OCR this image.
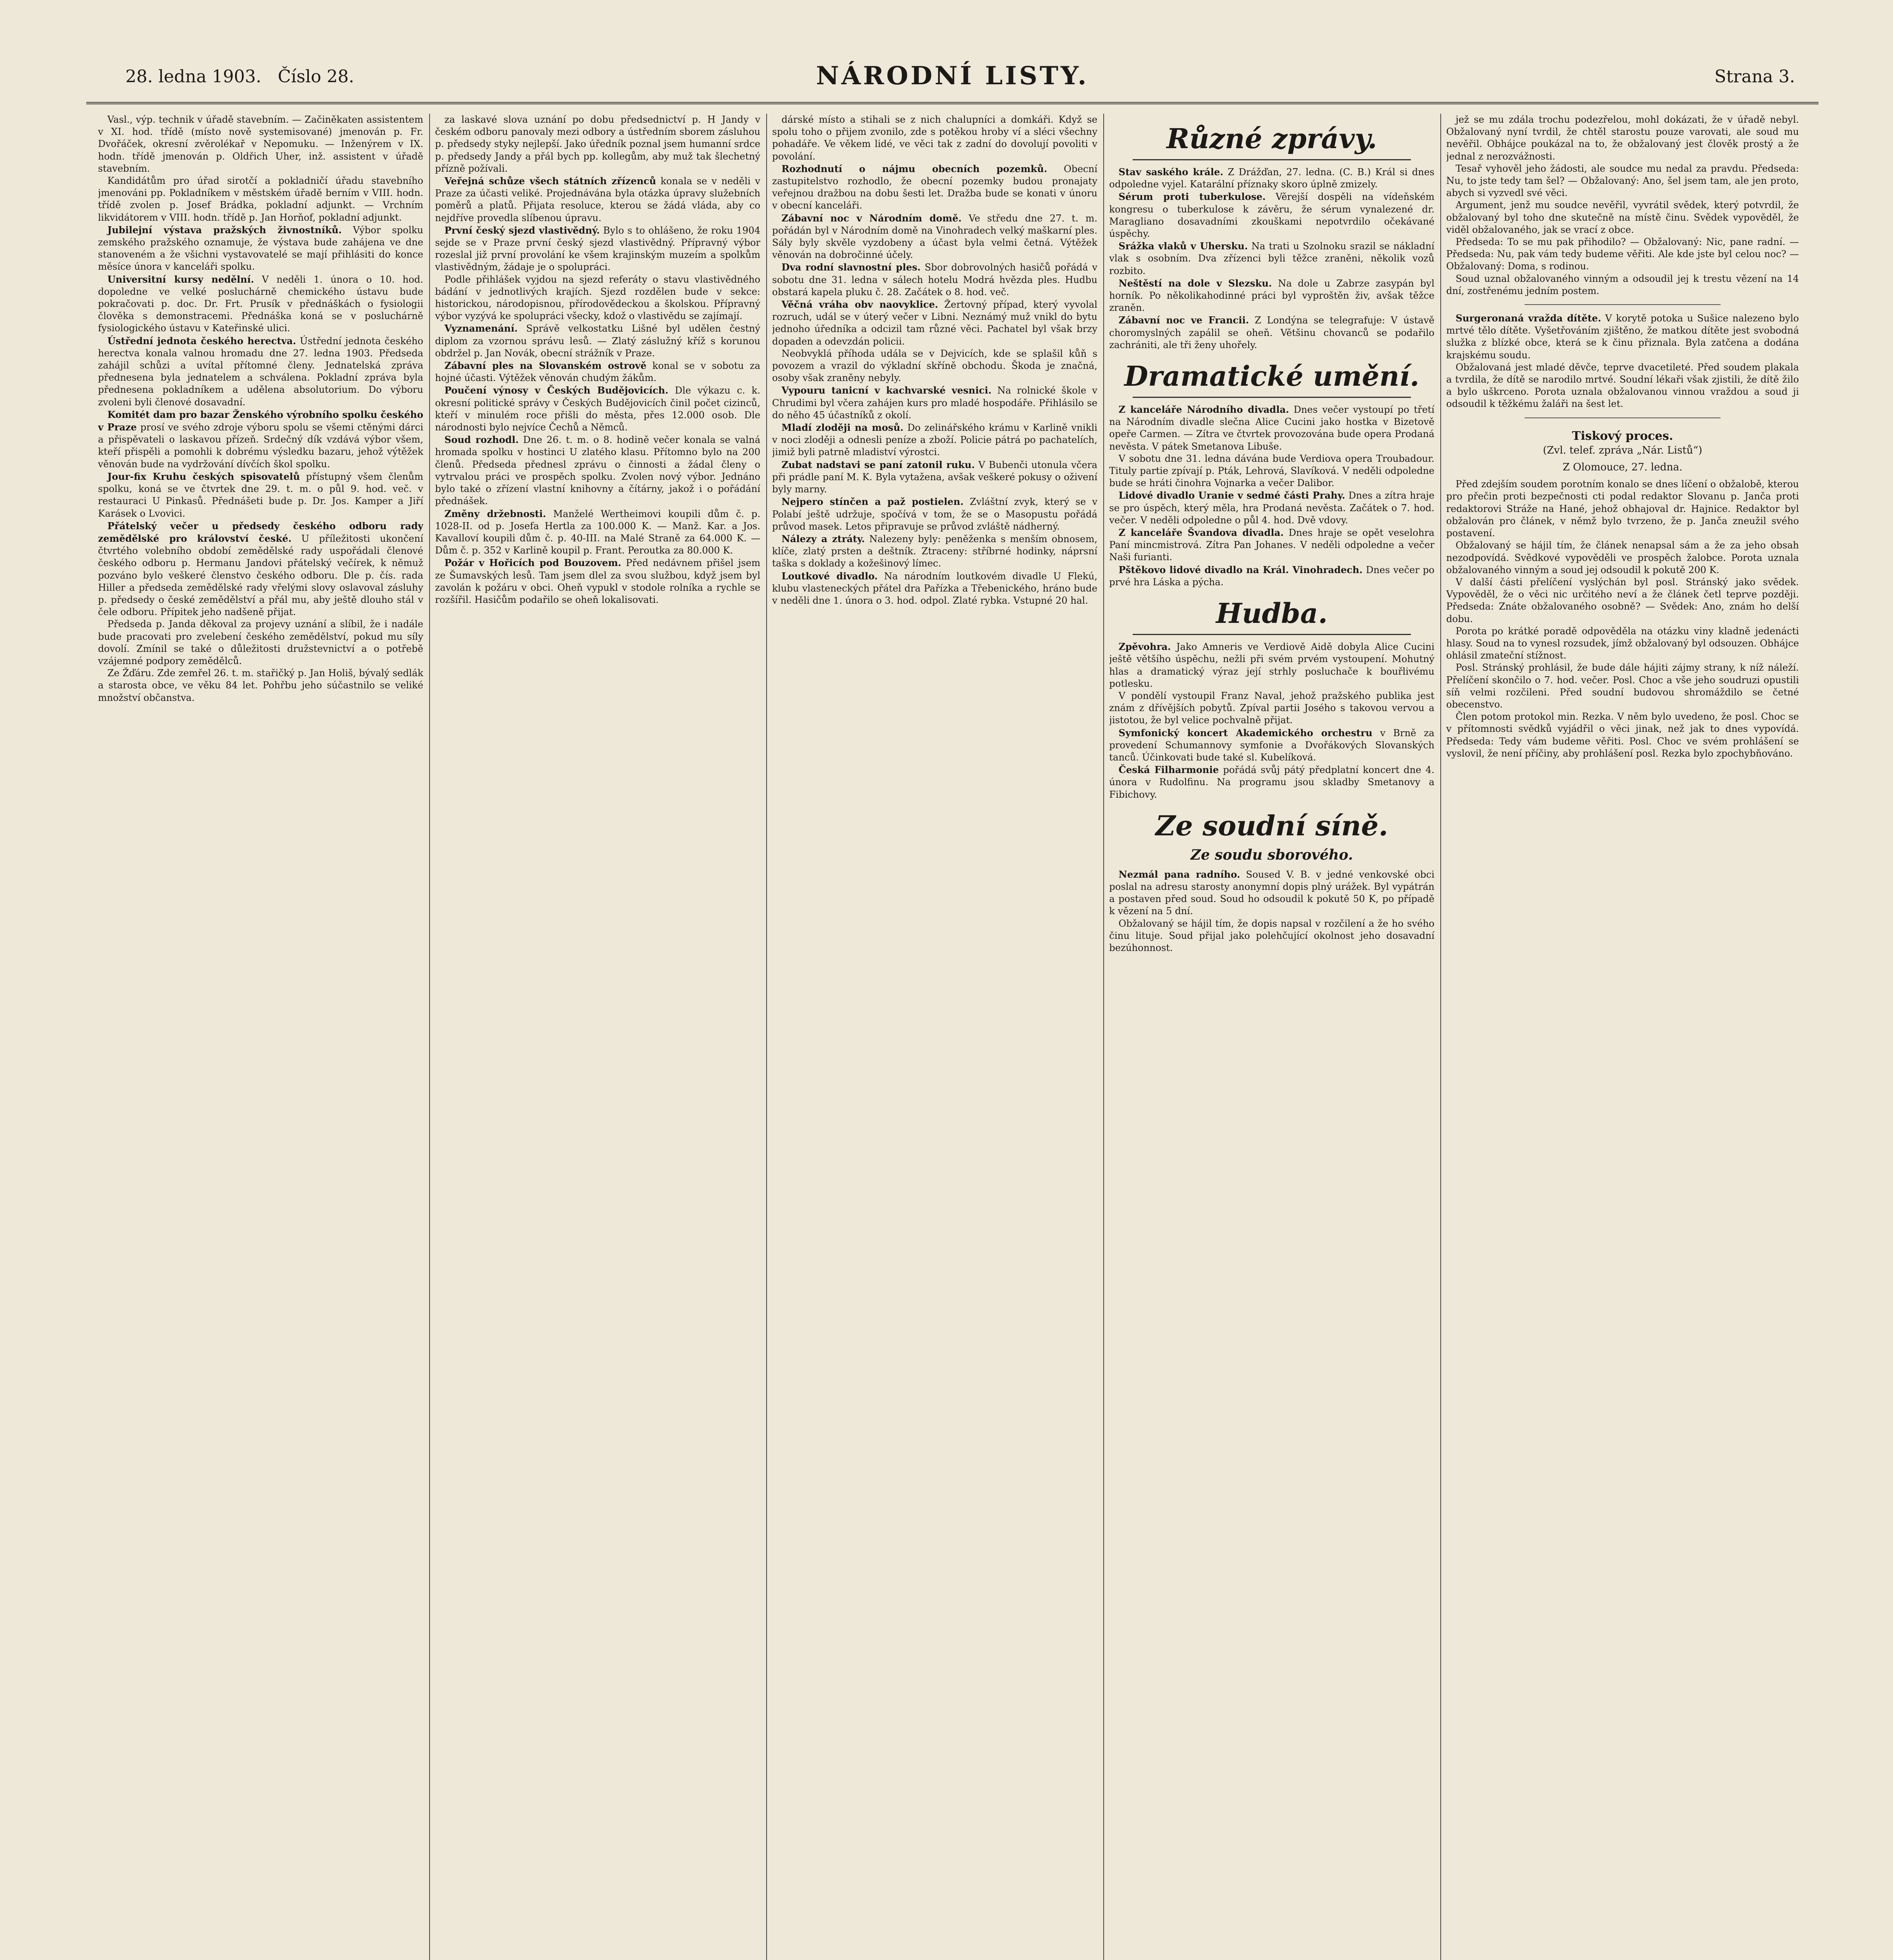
28. ledna 1903. Číslo 28.	NÁRODNÍ LISTY.	Strana 3.

Vasl., výp. technik v úřadě stavebním. — Začiněkaten assistentem v XI. hod. třídě (místo nově systemisované) jmenován p. Fr. Dvořáček, okresní zvěrolékař v Nepomuku. — Inženýrem v IX. hodn. třídě jmenován p. Oldřich Uher, inž. assistent v úřadě stavebním.

Kandidátům pro úřad sirotčí a pokladničí úřadu stavebního jmenováni pp. Pokladníkem v městském úřadě berním v VIII. hodn. třídě zvolen p. Josef Brádka, pokladní adjunkt. — Vrchním likvidátorem v VIII. hodn. třídě p. Jan Horňof, pokladní adjunkt.

Jubilejní výstava pražských živnostníků. Výbor spolku zemského pražského oznamuje, že výstava bude zahájena ve dne stanoveném a že všichni vystavovatelé se mají přihlásiti do konce měsíce února v kanceláři spolku.

Universitní kursy nedělní. V neděli 1. února o 10. hod. dopoledne ve velké posluchárně chemického ústavu bude pokračovati p. doc. Dr. Frt. Prusík v přednáškách o fysiologii člověka s demonstracemi. Přednáška koná se v posluchárně fysiologického ústavu v Kateřinské ulici.

Ústřední jednota českého herectva. Ústřední jednota českého herectva konala valnou hromadu dne 27. ledna 1903. Předseda zahájil schůzi a uvítal přítomné členy. Jednatelská zpráva přednesena byla jednatelem a schválena. Pokladní zpráva byla přednesena pokladníkem a udělena absolutorium. Do výboru zvoleni byli členové dosavadní.

Komitét dam pro bazar Ženského výrobního spolku českého v Praze prosí ve svého zdroje výboru spolu se všemi ctěnými dárci a přispěvateli o laskavou přízeň. Srdečný dík vzdává výbor všem, kteří přispěli a pomohli k dobrému výsledku bazaru, jehož výtěžek věnován bude na vydržování dívčích škol spolku.

Jour-fix Kruhu českých spisovatelů přístupný všem členům spolku, koná se ve čtvrtek dne 29. t. m. o půl 9. hod. več. v restauraci U Pinkasů. Přednášeti bude p. Dr. Jos. Kamper a Jiří Karásek o Lvovici.

Přátelský večer u předsedy českého odboru rady zemědělské pro království české. U příležitosti ukončení čtvrtého volebního období zemědělské rady uspořádali členové českého odboru p. Hermanu Jandovi přátelský večírek, k němuž pozváno bylo veškeré členstvo českého odboru. Dle p. čís. rada Hiller a předseda zemědělské rady vřelými slovy oslavoval zásluhy p. předsedy o české zemědělství a přál mu, aby ještě dlouho stál v čele odboru. Přípitek jeho nadšeně přijat.

Předseda p. Janda děkoval za projevy uznání a slíbil, že i nadále bude pracovati pro zvelebení českého zemědělství, pokud mu síly dovolí. Zmínil se také o důležitosti družstevnictví a o potřebě vzájemné podpory zemědělců.

Ze Žďáru. Zde zemřel 26. t. m. stařičký p. Jan Holiš, bývalý sedlák a starosta obce, ve věku 84 let. Pohřbu jeho súčastnilo se veliké množství občanstva.

za laskavé slova uznání po dobu předsednictví p. H Jandy v českém odboru panovaly mezi odbory a ústředním sborem zásluhou p. předsedy styky nejlepší. Jako úředník poznal jsem humanní srdce p. předsedy Jandy a přál bych pp. kollegům, aby muž tak šlechetný přízně požívali.

Veřejná schůze všech státních zřízenců konala se v neděli v Praze za účasti veliké. Projednávána byla otázka úpravy služebních poměrů a platů. Přijata resoluce, kterou se žádá vláda, aby co nejdříve provedla slíbenou úpravu.

První český sjezd vlastivědný. Bylo s to ohlášeno, že roku 1904 sejde se v Praze první český sjezd vlastivědný. Přípravný výbor rozeslal již první provolání ke všem krajinským muzeím a spolkům vlastivědným, žádaje je o spolupráci.

Podle přihlášek vyjdou na sjezd referáty o stavu vlastivědného bádání v jednotlivých krajích. Sjezd rozdělen bude v sekce: historickou, národopisnou, přírodovědeckou a školskou. Přípravný výbor vyzývá ke spolupráci všecky, kdož o vlastivědu se zajímají.

Vyznamenání. Správě velkostatku Lišné byl udělen čestný diplom za vzornou správu lesů. — Zlatý záslužný kříž s korunou obdržel p. Jan Novák, obecní strážník v Praze.

Zábavní ples na Slovanském ostrově konal se v sobotu za hojné účasti. Výtěžek věnován chudým žákům.

Poučení výnosy v Českých Budějovicích. Dle výkazu c. k. okresní politické správy v Českých Budějovicích činil počet cizinců, kteří v minulém roce přišli do města, přes 12.000 osob. Dle národnosti bylo nejvíce Čechů a Němců.

Soud rozhodl. Dne 26. t. m. o 8. hodině večer konala se valná hromada spolku v hostinci U zlatého klasu. Přítomno bylo na 200 členů. Předseda přednesl zprávu o činnosti a žádal členy o vytrvalou práci ve prospěch spolku. Zvolen nový výbor. Jednáno bylo také o zřízení vlastní knihovny a čítárny, jakož i o pořádání přednášek.

Změny držebnosti. Manželé Wertheimovi koupili dům č. p. 1028-II. od p. Josefa Hertla za 100.000 K. — Manž. Kar. a Jos. Kavalloví koupili dům č. p. 40-III. na Malé Straně za 64.000 K. — Dům č. p. 352 v Karlině koupil p. Frant. Peroutka za 80.000 K.

Požár v Hořicích pod Bouzovem. Před nedávnem přišel jsem ze Šumavských lesů. Tam jsem dlel za svou službou, když jsem byl zavolán k požáru v obci. Oheň vypukl v stodole rolníka a rychle se rozšířil. Hasičům podařilo se oheň lokalisovati.

dárské místo a stihali se z nich chalupníci a domkáři. Když se spolu toho o přijem zvonilo, zde s potěkou hroby ví a sléci všechny pohadáře. Ve věkem lidé, ve věci tak z zadní do dovolují povoliti v povolání.

Rozhodnutí o nájmu obecních pozemků. Obecní zastupitelstvo rozhodlo, že obecní pozemky budou pronajaty veřejnou dražbou na dobu šesti let. Dražba bude se konati v únoru v obecní kanceláři.

Zábavní noc v Národním domě. Ve středu dne 27. t. m. pořádán byl v Národním domě na Vinohradech velký maškarní ples. Sály byly skvěle vyzdobeny a účast byla velmi četná. Výtěžek věnován na dobročinné účely.

Dva rodní slavnostní ples. Sbor dobrovolných hasičů pořádá v sobotu dne 31. ledna v sálech hotelu Modrá hvězda ples. Hudbu obstará kapela pluku č. 28. Začátek o 8. hod. več.

Věčná vráha obv naovyklice. Žertovný případ, který vyvolal rozruch, udál se v úterý večer v Libni. Neznámý muž vnikl do bytu jednoho úředníka a odcizil tam různé věci. Pachatel byl však brzy dopaden a odevzdán policii.

Neobvyklá příhoda udála se v Dejvicích, kde se splašil kůň s povozem a vrazil do výkladní skříně obchodu. Škoda je značná, osoby však zraněny nebyly.

Vypouru tanicní v kachvarské vesnici. Na rolnické škole v Chrudimi byl včera zahájen kurs pro mladé hospodáře. Přihlásilo se do něho 45 účastníků z okolí.

Mladí zloději na mosů. Do zelinářského krámu v Karlině vnikli v noci zloději a odnesli peníze a zboží. Policie pátrá po pachatelích, jimiž byli patrně mladiství výrostci.

Zubat nadstavi se paní zatonil ruku. V Bubenči utonula včera při prádle paní M. K. Byla vytažena, avšak veškeré pokusy o oživení byly marny.

Nejpero stínčen a paž postielen. Zvláštní zvyk, který se v Polabí ještě udržuje, spočívá v tom, že se o Masopustu pořádá průvod masek. Letos připravuje se průvod zvláště nádherný.

Nálezy a ztráty. Nalezeny byly: peněženka s menším obnosem, klíče, zlatý prsten a deštník. Ztraceny: stříbrné hodinky, náprsní taška s doklady a kožešinový límec.

Loutkové divadlo. Na národním loutkovém divadle U Flekú, klubu vlasteneckých přátel dra Pařízka a Třebenického, hráno bude v neděli dne 1. února o 3. hod. odpol. Zlaté rybka. Vstupné 20 hal.

Různé zprávy.

Stav saského krále. Z Drážďan, 27. ledna. (C. B.) Král si dnes odpoledne vyjel. Katarální příznaky skoro úplně zmizely.

Sérum proti tuberkulose. Věrejší dospěli na vídeňském kongresu o tuberkulose k závěru, že sérum vynalezené dr. Maragliano dosavadními zkouškami nepotvrdilo očekávané úspěchy.

Srážka vlaků v Uhersku. Na trati u Szolnoku srazil se nákladní vlak s osobním. Dva zřízenci byli těžce zraněni, několik vozů rozbito.

Neštěstí na dole v Slezsku. Na dole u Zabrze zasypán byl horník. Po několikahodinné práci byl vyproštěn živ, avšak těžce zraněn.

Zábavní noc ve Francii. Z Londýna se telegrafuje: V ústavě choromyslných zapálil se oheň. Většinu chovanců se podařilo zachrániti, ale tři ženy uhořely.

Dramatické umění.

Z kanceláře Národního divadla. Dnes večer vystoupí po třetí na Národním divadle slečna Alice Cucini jako hostka v Bizetově opeře Carmen. — Zítra ve čtvrtek provozována bude opera Prodaná nevěsta. V pátek Smetanova Libuše.

V sobotu dne 31. ledna dávána bude Verdiova opera Troubadour. Tituly partie zpívají p. Pták, Lehrová, Slavíková. V neděli odpoledne bude se hráti činohra Vojnarka a večer Dalibor.

Lidové divadlo Uranie v sedmé části Prahy. Dnes a zítra hraje se pro úspěch, který měla, hra Prodaná nevěsta. Začátek o 7. hod. večer. V neděli odpoledne o půl 4. hod. Dvě vdovy.

Z kanceláře Švandova divadla. Dnes hraje se opět veselohra Paní mincmistrová. Zítra Pan Johanes. V neděli odpoledne a večer Naši furianti.

Pštěkovo lidové divadlo na Král. Vinohradech. Dnes večer po prvé hra Láska a pýcha.

Hudba.

Zpěvohra. Jako Amneris ve Verdiově Aidě dobyla Alice Cucini ještě většího úspěchu, nežli při svém prvém vystoupení. Mohutný hlas a dramatický výraz její strhly posluchače k bouřlivému potlesku.

V pondělí vystoupil Franz Naval, jehož pražského publika jest znám z dřívějších pobytů. Zpíval partii Josého s takovou vervou a jistotou, že byl velice pochvalně přijat.

Symfonický koncert Akademického orchestru v Brně za provedení Schumannovy symfonie a Dvořákových Slovanských tanců. Účinkovati bude také sl. Kubelíková.

Česká Filharmonie pořádá svůj pátý předplatní koncert dne 4. února v Rudolfinu. Na programu jsou skladby Smetanovy a Fibichovy.

Ze soudní síně.
Ze soudu sborového.

Nezmál pana radního. Soused V. B. v jedné venkovské obci poslal na adresu starosty anonymní dopis plný urážek. Byl vypátrán a postaven před soud. Soud ho odsoudil k pokutě 50 K, po případě k vězení na 5 dní.

Obžalovaný se hájil tím, že dopis napsal v rozčilení a že ho svého činu lituje. Soud přijal jako polehčující okolnost jeho dosavadní bezúhonnost.

jež se mu zdála trochu podezřelou, mohl dokázati, že v úřadě nebyl. Obžalovaný nyní tvrdil, že chtěl starostu pouze varovati, ale soud mu nevěřil. Obhájce poukázal na to, že obžalovaný jest člověk prostý a že jednal z nerozvážnosti.

Tesař vyhověl jeho žádosti, ale soudce mu nedal za pravdu. Předseda: Nu, to jste tedy tam šel? — Obžalovaný: Ano, šel jsem tam, ale jen proto, abych si vyzvedl své věci.

Argument, jenž mu soudce nevěřil, vyvrátil svědek, který potvrdil, že obžalovaný byl toho dne skutečně na místě činu. Svědek vypověděl, že viděl obžalovaného, jak se vrací z obce.

Předseda: To se mu pak přihodilo? — Obžalovaný: Nic, pane radní. — Předseda: Nu, pak vám tedy budeme věřiti. Ale kde jste byl celou noc? — Obžalovaný: Doma, s rodinou.

Soud uznal obžalovaného vinným a odsoudil jej k trestu vězení na 14 dní, zostřenému jedním postem.

Surgeronaná vražda dítěte. V korytě potoka u Sušice nalezeno bylo mrtvé tělo dítěte. Vyšetřováním zjištěno, že matkou dítěte jest svobodná služka z blízké obce, která se k činu přiznala. Byla zatčena a dodána krajskému soudu.

Obžalovaná jest mladé děvče, teprve dvacetileté. Před soudem plakala a tvrdila, že dítě se narodilo mrtvé. Soudní lékaři však zjistili, že dítě žilo a bylo uškrceno. Porota uznala obžalovanou vinnou vraždou a soud ji odsoudil k těžkému žaláři na šest let.

Tiskový proces.
(Zvl. telef. zpráva „Nár. Listů“)
Z Olomouce, 27. ledna.

Před zdejším soudem porotním konalo se dnes líčení o obžalobě, kterou pro přečin proti bezpečnosti cti podal redaktor Slovanu p. Janča proti redaktorovi Stráže na Hané, jehož obhajoval dr. Hajnice. Redaktor byl obžalován pro článek, v němž bylo tvrzeno, že p. Janča zneužil svého postavení.

Obžalovaný se hájil tím, že článek nenapsal sám a že za jeho obsah nezodpovídá. Svědkové vypověděli ve prospěch žalobce. Porota uznala obžalovaného vinným a soud jej odsoudil k pokutě 200 K.

V další části přelíčení vyslýchán byl posl. Stránský jako svědek. Vypověděl, že o věci nic určitého neví a že článek četl teprve později. Předseda: Znáte obžalovaného osobně? — Svědek: Ano, znám ho delší dobu.

Porota po krátké poradě odpověděla na otázku viny kladně jedenácti hlasy. Soud na to vynesl rozsudek, jímž obžalovaný byl odsouzen. Obhájce ohlásil zmateční stížnost.

Posl. Stránský prohlásil, že bude dále hájiti zájmy strany, k níž náleží. Přelíčení skončilo o 7. hod. večer. Posl. Choc a vše jeho soudruzi opustili síň velmi rozčileni. Před soudní budovou shromáždilo se četné obecenstvo.

Člen potom protokol min. Rezka. V něm bylo uvedeno, že posl. Choc se v přítomnosti svědků vyjádřil o věci jinak, než jak to dnes vypovídá. Předseda: Tedy vám budeme věřiti. Posl. Choc ve svém prohlášení se vyslovil, že není příčiny, aby prohlášení posl. Rezka bylo zpochybňováno.
